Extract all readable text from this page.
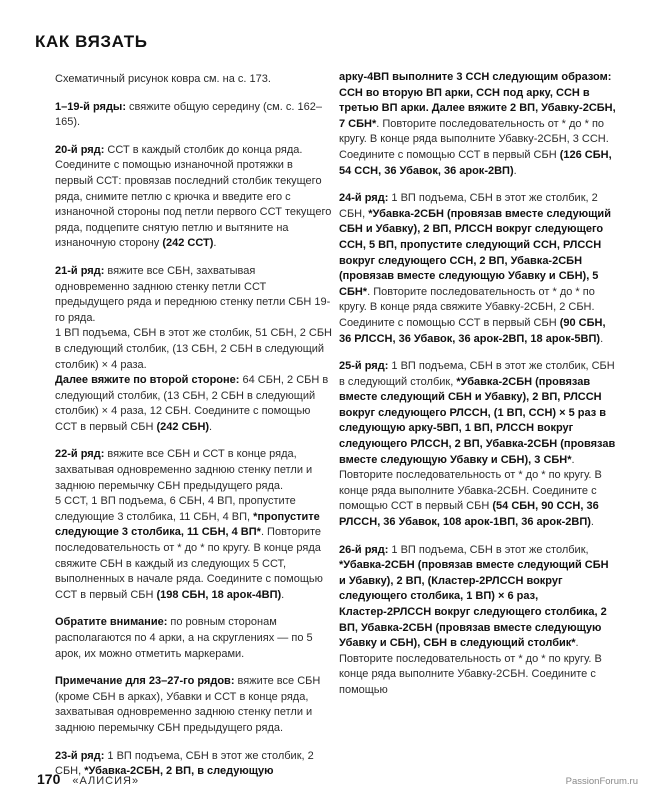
КАК ВЯЗАТЬ

Схематичный рисунок ковра см. на с. 173.

1–19-й ряды: свяжите общую середину (см. с. 162–165).

20-й ряд: ССТ в каждый столбик до конца ряда. Соедините с помощью изнаночной протяжки в первый ССТ: провязав последний столбик текущего ряда, снимите петлю с крючка и введите его с изнаночной стороны под петли первого ССТ текущего ряда, подцепите снятую петлю и вытяните на изнаночную сторону (242 ССТ).

21-й ряд: вяжите все СБН, захватывая одновременно заднюю стенку петли ССТ предыдущего ряда и переднюю стенку петли СБН 19-го ряда.

1 ВП подъема, СБН в этот же столбик, 51 СБН, 2 СБН в следующий столбик, (13 СБН, 2 СБН в следующий столбик) × 4 раза.

Далее вяжите по второй стороне: 64 СБН, 2 СБН в следующий столбик, (13 СБН, 2 СБН в следующий столбик) × 4 раза, 12 СБН. Соедините с помощью ССТ в первый СБН (242 СБН).

22-й ряд: вяжите все СБН и ССТ в конце ряда, захватывая одновременно заднюю стенку петли и заднюю перемычку СБН предыдущего ряда.

5 ССТ, 1 ВП подъема, 6 СБН, 4 ВП, пропустите следующие 3 столбика, 11 СБН, 4 ВП, *пропустите следующие 3 столбика, 11 СБН, 4 ВП*. Повторите последовательность от * до * по кругу. В конце ряда свяжите СБН в каждый из следующих 5 ССТ, выполненных в начале ряда. Соедините с помощью ССТ в первый СБН (198 СБН, 18 арок-4ВП).

Обратите внимание: по ровным сторонам располагаются по 4 арки, а на скруглениях — по 5 арок, их можно отметить маркерами.

Примечание для 23–27-го рядов: вяжите все СБН (кроме СБН в арках), Убавки и ССТ в конце ряда, захватывая одновременно заднюю стенку петли и заднюю перемычку СБН предыдущего ряда.

23-й ряд: 1 ВП подъема, СБН в этот же столбик, 2 СБН, *Убавка-2СБН, 2 ВП, в следующую

арку-4ВП выполните 3 ССН следующим образом: ССН во вторую ВП арки, ССН под арку, ССН в третью ВП арки. Далее вяжите 2 ВП, Убавку-2СБН, 7 СБН*. Повторите последовательность от * до * по кругу. В конце ряда выполните Убавку-2СБН, 3 ССН. Соедините с помощью ССТ в первый СБН (126 СБН, 54 ССН, 36 Убавок, 36 арок-2ВП).

24-й ряд: 1 ВП подъема, СБН в этот же столбик, 2 СБН, *Убавка-2СБН (провязав вместе следующий СБН и Убавку), 2 ВП, РЛССН вокруг следующего ССН, 5 ВП, пропустите следующий ССН, РЛССН вокруг следующего ССН, 2 ВП, Убавка-2СБН (провязав вместе следующую Убавку и СБН), 5 СБН*. Повторите последовательность от * до * по кругу. В конце ряда свяжите Убавку-2СБН, 2 СБН. Соедините с помощью ССТ в первый СБН (90 СБН, 36 РЛССН, 36 Убавок, 36 арок-2ВП, 18 арок-5ВП).

25-й ряд: 1 ВП подъема, СБН в этот же столбик, СБН в следующий столбик, *Убавка-2СБН (провязав вместе следующий СБН и Убавку), 2 ВП, РЛССН вокруг следующего РЛССН, (1 ВП, ССН) × 5 раз в следующую арку-5ВП, 1 ВП, РЛССН вокруг следующего РЛССН, 2 ВП, Убавка-2СБН (провязав вместе следующую Убавку и СБН), 3 СБН*. Повторите последовательность от * до * по кругу. В конце ряда выполните Убавка-2СБН. Соедините с помощью ССТ в первый СБН (54 СБН, 90 ССН, 36 РЛССН, 36 Убавок, 108 арок-1ВП, 36 арок-2ВП).

26-й ряд: 1 ВП подъема, СБН в этот же столбик, *Убавка-2СБН (провязав вместе следующий СБН и Убавку), 2 ВП, (Кластер-2РЛССН вокруг следующего столбика, 1 ВП) × 6 раз, Кластер-2РЛССН вокруг следующего столбика, 2 ВП, Убавка-2СБН (провязав вместе следующую Убавку и СБН), СБН в следующий столбик*. Повторите последовательность от * до * по кругу. В конце ряда выполните Убавку-2СБН. Соедините с помощью

170 «АЛИСИЯ»	PassionForum.ru
